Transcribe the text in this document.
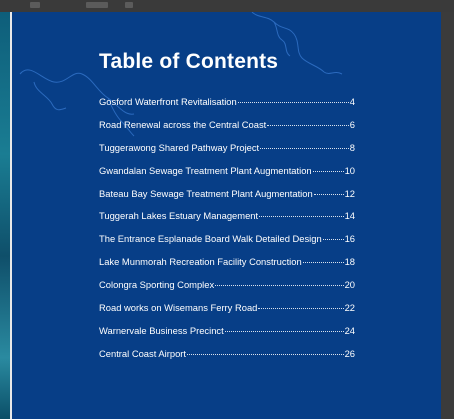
Table of Contents
Gosford Waterfront Revitalisation	4
Road Renewal across the Central Coast	6
Tuggerawong Shared Pathway Project	8
Gwandalan Sewage Treatment Plant Augmentation	10
Bateau Bay Sewage Treatment Plant Augmentation	12
Tuggerah Lakes Estuary Management	14
The Entrance Esplanade Board Walk Detailed Design 16
Lake Munmorah Recreation Facility Construction	18
Colongra Sporting Complex	20
Road works on Wisemans Ferry Road	22
Warnervale Business Precinct	24
Central Coast Airport	26
